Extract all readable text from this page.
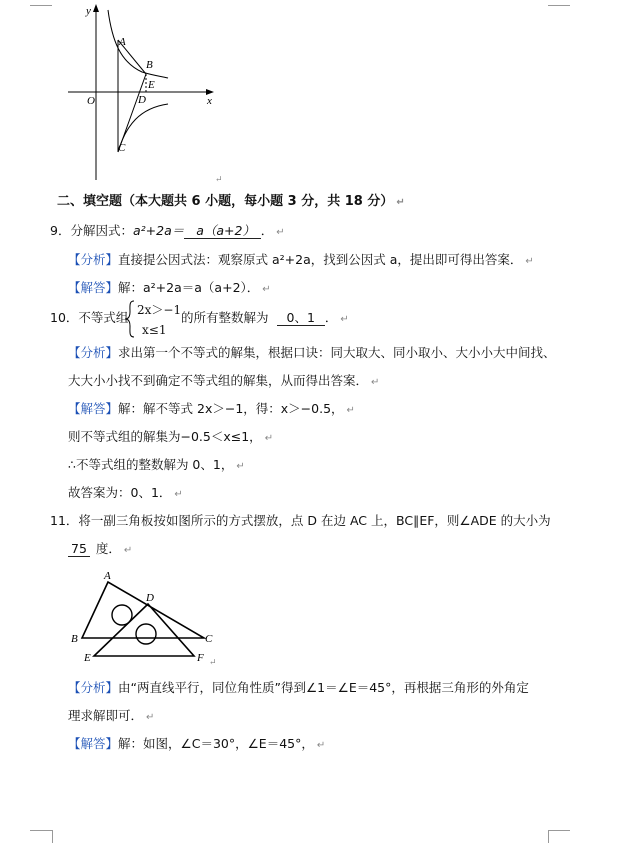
y
A
B
E
O	D	x
C
↵
二、填空题（本大题共 6 小题，每小题 3 分，共 18 分） ↵
9．分解因式：a²+2a＝ a（a+2） ． ↵
【分析】直接提公因式法：观察原式 a²+2a，找到公因式 a，提出即可得出答案． ↵
【解答】解：a²+2a＝a（a+2）． ↵
10．不等式组 2x＞−1
x≤1
的所有整数解为 0、1 ． ↵
【分析】求出第一个不等式的解集，根据口诀：同大取大、同小取小、大小小大中间找、
大大小小找不到确定不等式组的解集，从而得出答案． ↵
【解答】解：解不等式 2x＞−1，得：x＞−0.5， ↵
则不等式组的解集为−0.5＜x≤1， ↵
∴不等式组的整数解为 0、1， ↵
故答案为：0、1． ↵
11．将一副三角板按如图所示的方式摆放，点 D 在边 AC 上，BC∥EF，则∠ADE 的大小为
75 度． ↵
A
D
B	C
E	F ↵
【分析】由“两直线平行，同位角性质”得到∠1＝∠E＝45°，再根据三角形的外角定
理求解即可． ↵
【解答】解：如图，∠C＝30°，∠E＝45°， ↵
